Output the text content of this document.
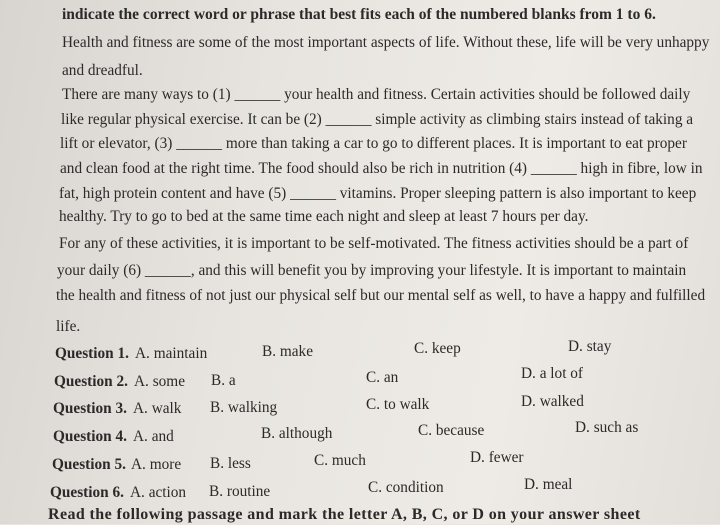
indicate the correct word or phrase that best fits each of the numbered blanks from 1 to 6.
Health and fitness are some of the most important aspects of life. Without these, life will be very unhappy
and dreadful.
There are many ways to (1) ______ your health and fitness. Certain activities should be followed daily
like regular physical exercise. It can be (2) ______ simple activity as climbing stairs instead of taking a
lift or elevator, (3) ______ more than taking a car to go to different places. It is important to eat proper
and clean food at the right time. The food should also be rich in nutrition (4) ______ high in fibre, low in
fat, high protein content and have (5) ______ vitamins. Proper sleeping pattern is also important to keep
healthy. Try to go to bed at the same time each night and sleep at least 7 hours per day.
For any of these activities, it is important to be self-motivated. The fitness activities should be a part of
your daily (6) ______, and this will benefit you by improving your lifestyle. It is important to maintain
the health and fitness of not just our physical self but our mental self as well, to have a happy and fulfilled
life.
Question 1. A. maintain	B. make	C. keep	D. stay
Question 2. A. some B. a	C. an	D. a lot of
Question 3. A. walk B. walking	C. to walk	D. walked
Question 4. A. and	B. although	C. because	D. such as
Question 5. A. more B. less	C. much	D. fewer
Question 6. A. action B. routine	C. condition	D. meal
Read the following passage and mark the letter A, B, C, or D on your answer sheet
